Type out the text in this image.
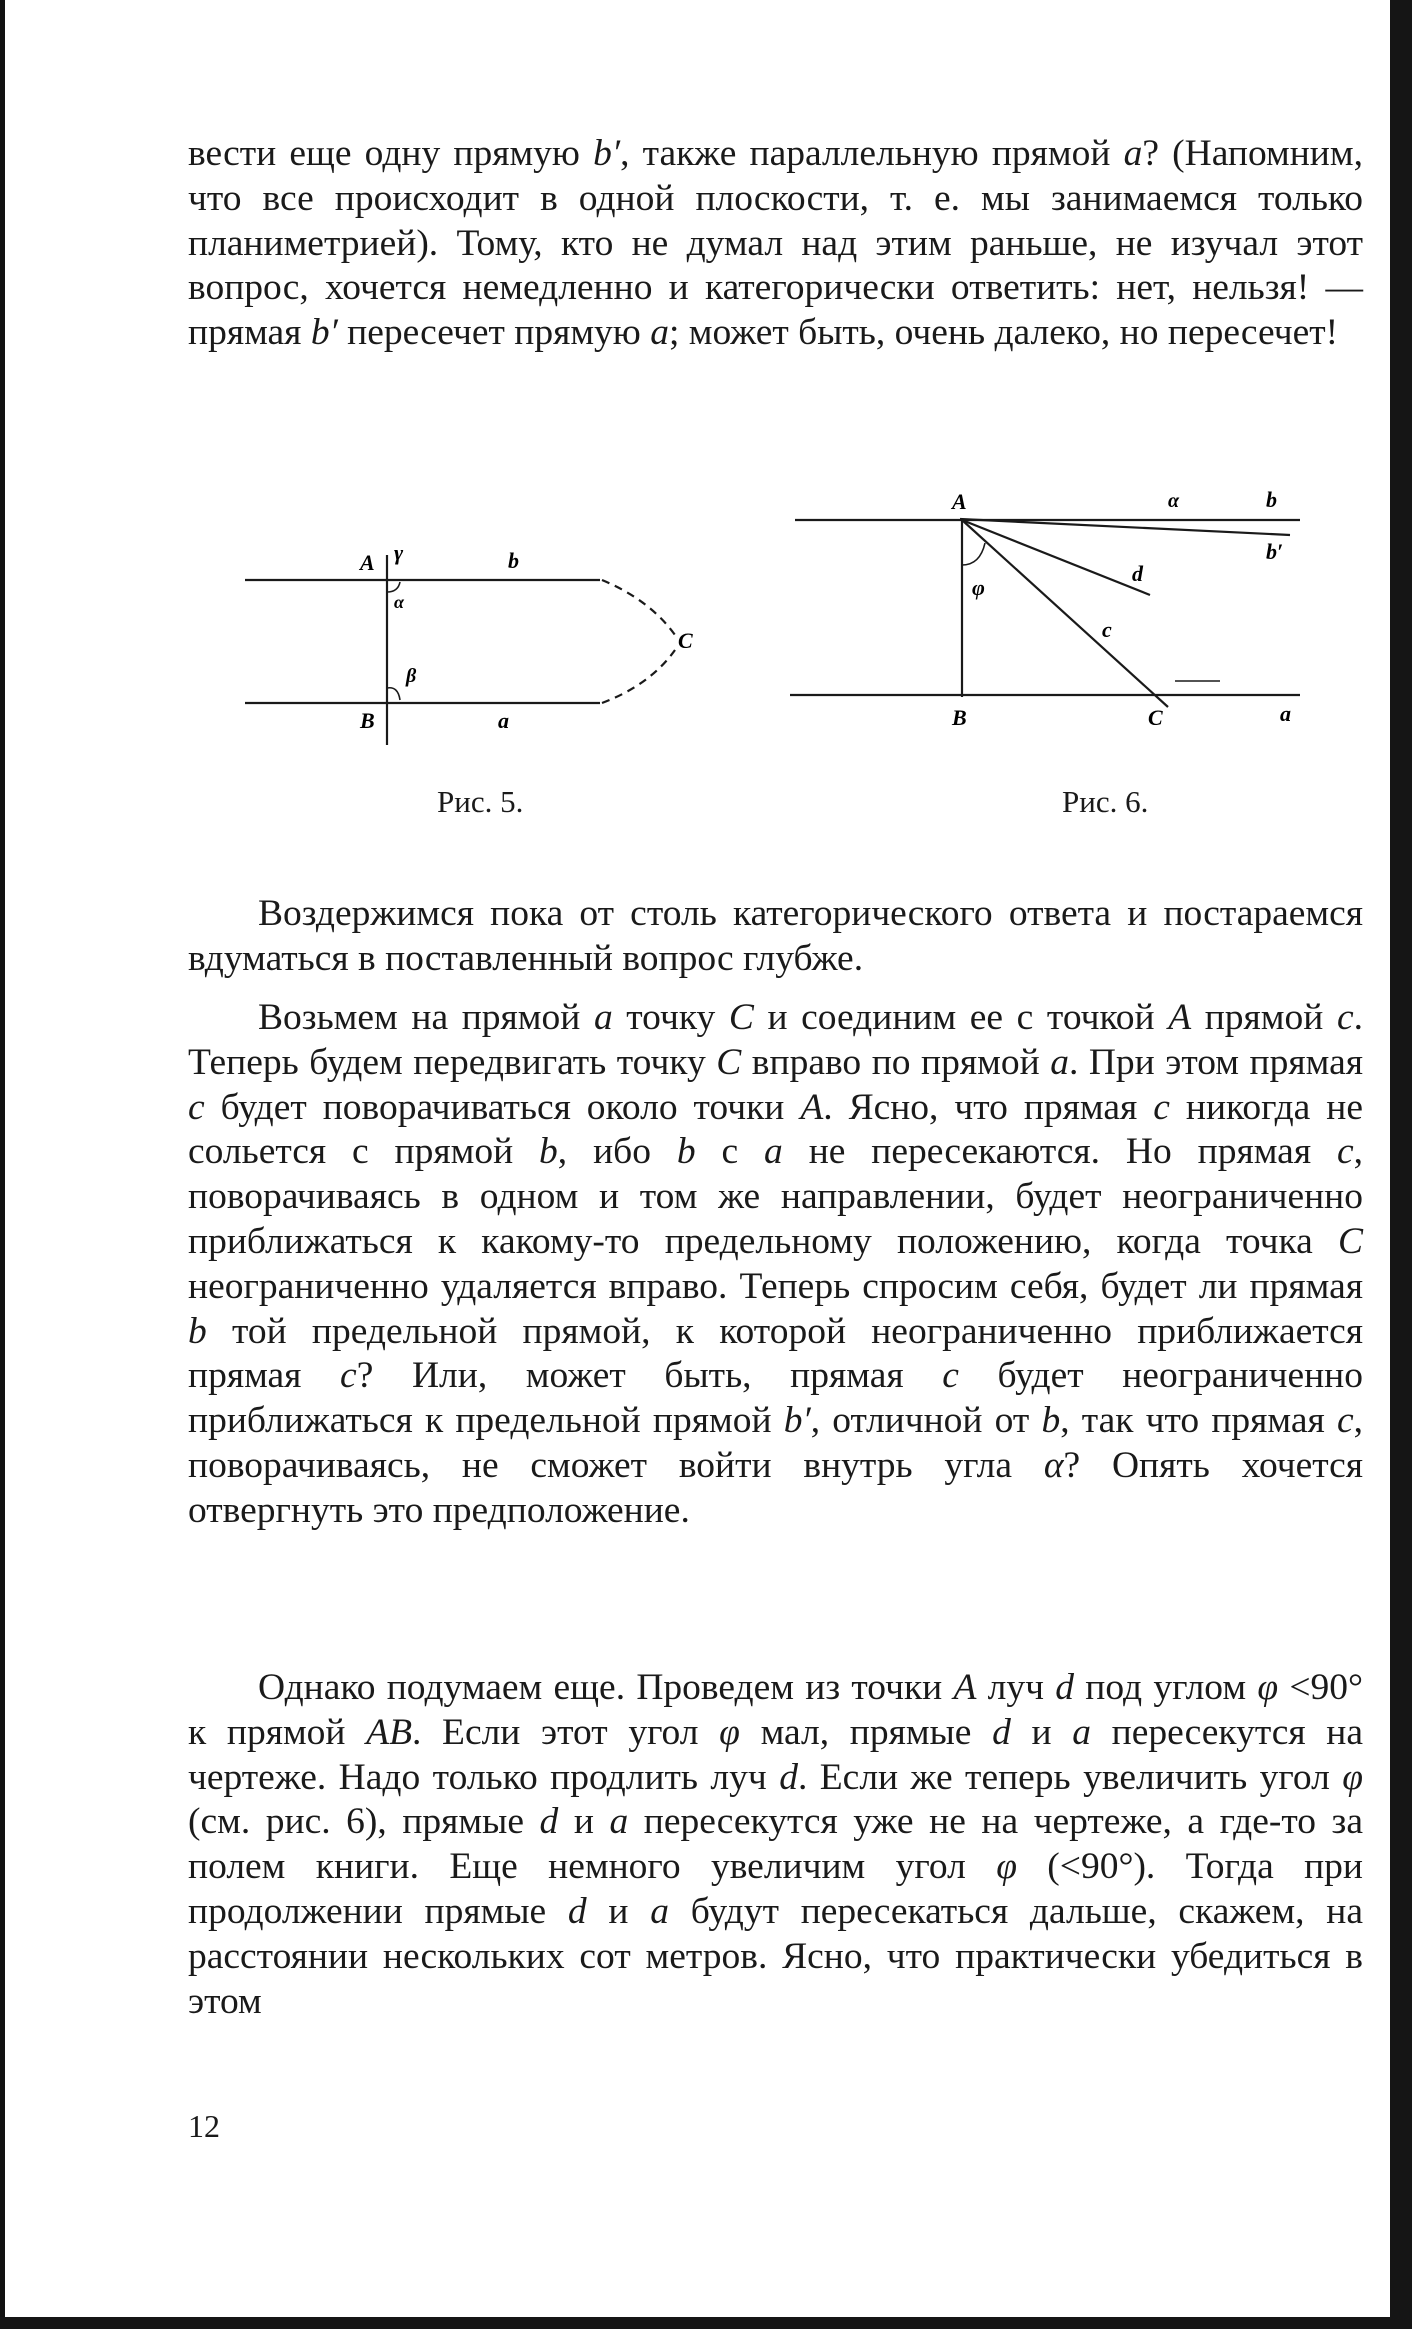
вести еще одну прямую b′, также параллельную прямой a? (Напомним, что все происходит в одной плоскости, т. е. мы занимаемся только планиметрией). Тому, кто не думал над этим раньше, не изучал этот вопрос, хочется немедленно и категорически ответить: нет, нельзя! — прямая b′ пересечет прямую a; может быть, очень далеко, но пересечет!

A γ	b
α
C
β
B	a
A	α	b
b′
φ
d
c
B	C	a
Рис. 5.	Рис. 6.

Воздержимся пока от столь категорического ответа и постараемся вдуматься в поставленный вопрос глубже.

Возьмем на прямой a точку C и соединим ее с точкой A прямой c. Теперь будем передвигать точку C вправо по прямой a. При этом прямая c будет поворачиваться около точки A. Ясно, что прямая c никогда не сольется с прямой b, ибо b с a не пересекаются. Но прямая c, поворачиваясь в одном и том же направлении, будет неограниченно приближаться к какому-то предельному положению, когда точка C неограниченно удаляется вправо. Теперь спросим себя, будет ли прямая b той предельной прямой, к которой неограниченно приближается прямая c? Или, может быть, прямая c будет неограниченно приближаться к предельной прямой b′, отличной от b, так что прямая c, поворачиваясь, не сможет войти внутрь угла α? Опять хочется отвергнуть это предположение.

Однако подумаем еще. Проведем из точки A луч d под углом φ <90° к прямой AB. Если этот угол φ мал, прямые d и a пересекутся на чертеже. Надо только продлить луч d. Если же теперь увеличить угол φ (см. рис. 6), прямые d и a пересекутся уже не на чертеже, а где-то за полем книги. Еще немного увеличим угол φ (<90°). Тогда при продолжении прямые d и a будут пересекаться дальше, скажем, на расстоянии нескольких сот метров. Ясно, что практически убедиться в этом

12
